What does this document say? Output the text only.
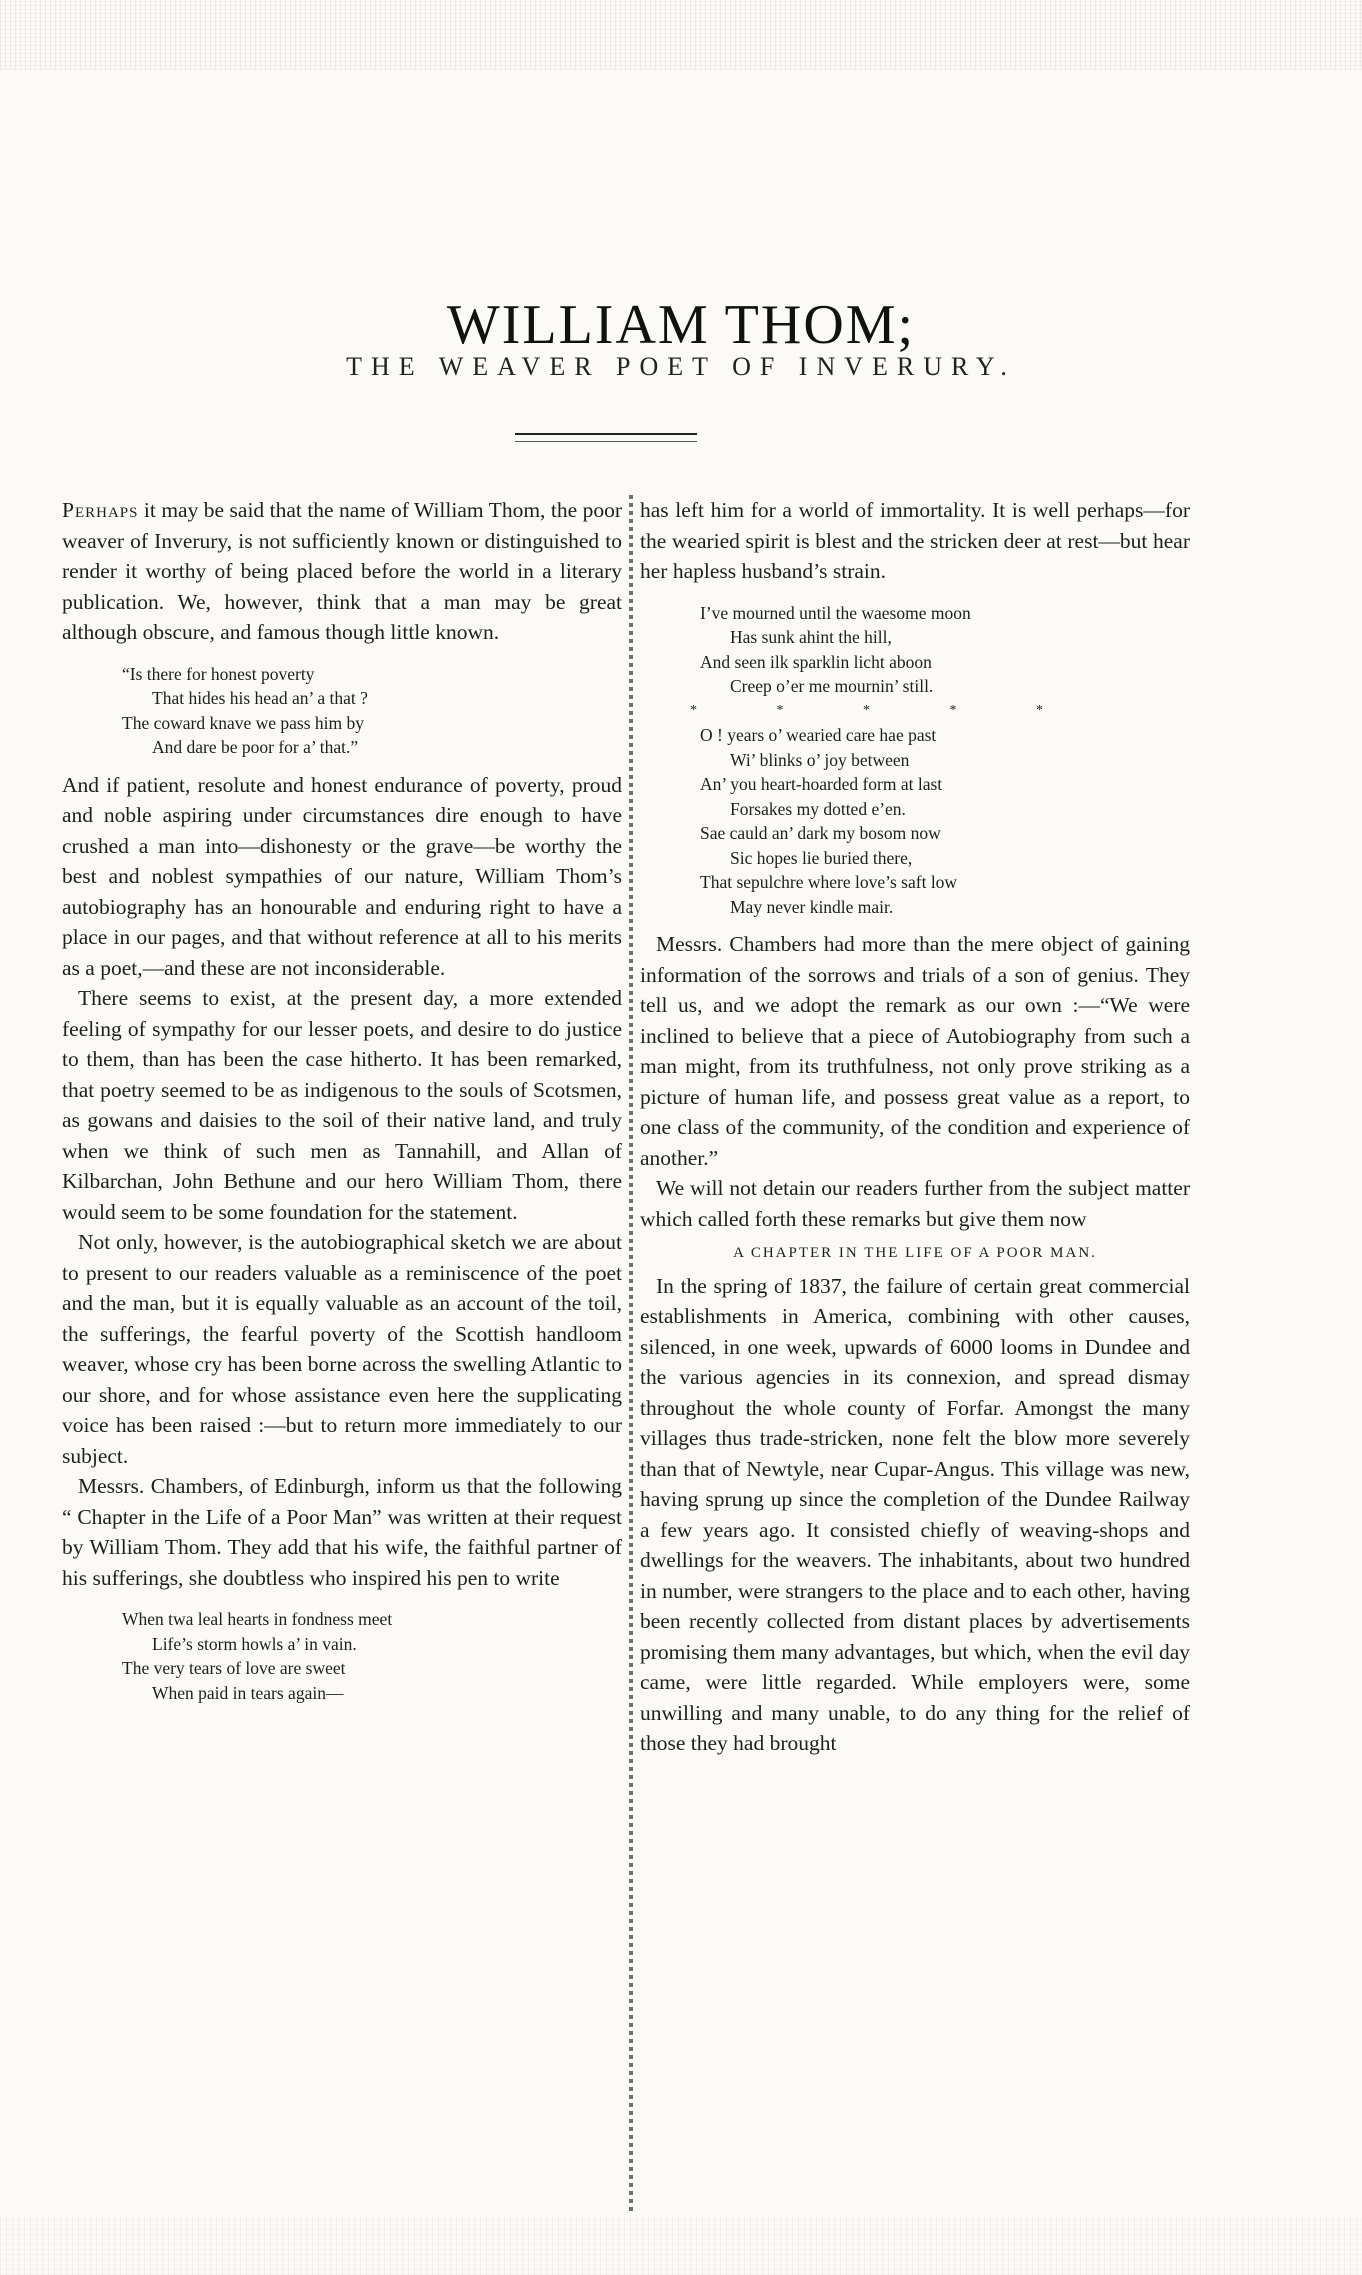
WILLIAM THOM;
THE WEAVER POET OF INVERURY.

Perhaps it may be said that the name of William Thom, the poor weaver of Inverury, is not sufficiently known or distinguished to render it worthy of being placed before the world in a literary publication. We, however, think that a man may be great although obscure, and famous though little known.

“Is there for honest poverty
That hides his head an’ a that ?
The coward knave we pass him by
And dare be poor for a’ that.”

And if patient, resolute and honest endurance of poverty, proud and noble aspiring under circumstances dire enough to have crushed a man into—dishonesty or the grave—be worthy the best and noblest sympathies of our nature, William Thom’s autobiography has an honourable and enduring right to have a place in our pages, and that without reference at all to his merits as a poet,—and these are not inconsiderable.

There seems to exist, at the present day, a more extended feeling of sympathy for our lesser poets, and desire to do justice to them, than has been the case hitherto. It has been remarked, that poetry seemed to be as indigenous to the souls of Scotsmen, as gowans and daisies to the soil of their native land, and truly when we think of such men as Tannahill, and Allan of Kilbarchan, John Bethune and our hero William Thom, there would seem to be some foundation for the statement.

Not only, however, is the autobiographical sketch we are about to present to our readers valuable as a reminiscence of the poet and the man, but it is equally valuable as an account of the toil, the sufferings, the fearful poverty of the Scottish handloom weaver, whose cry has been borne across the swelling Atlantic to our shore, and for whose assistance even here the supplicating voice has been raised :—but to return more immediately to our subject.

Messrs. Chambers, of Edinburgh, inform us that the following “ Chapter in the Life of a Poor Man” was written at their request by William Thom. They add that his wife, the faithful partner of his sufferings, she doubtless who inspired his pen to write

When twa leal hearts in fondness meet
Life’s storm howls a’ in vain.
The very tears of love are sweet
When paid in tears again—

has left him for a world of immortality. It is well perhaps—for the wearied spirit is blest and the stricken deer at rest—but hear her hapless husband’s strain.

I’ve mourned until the waesome moon
Has sunk ahint the hill,
And seen ilk sparklin licht aboon
Creep o’er me mournin’ still.
* * * * *
O ! years o’ wearied care hae past
Wi’ blinks o’ joy between
An’ you heart-hoarded form at last
Forsakes my dotted e’en.
Sae cauld an’ dark my bosom now
Sic hopes lie buried there,
That sepulchre where love’s saft low
May never kindle mair.

Messrs. Chambers had more than the mere object of gaining information of the sorrows and trials of a son of genius. They tell us, and we adopt the remark as our own :—“We were inclined to believe that a piece of Autobiography from such a man might, from its truthfulness, not only prove striking as a picture of human life, and possess great value as a report, to one class of the community, of the condition and experience of another.”

We will not detain our readers further from the subject matter which called forth these remarks but give them now

A CHAPTER IN THE LIFE OF A POOR MAN.

In the spring of 1837, the failure of certain great commercial establishments in America, combining with other causes, silenced, in one week, upwards of 6000 looms in Dundee and the various agencies in its connexion, and spread dismay throughout the whole county of Forfar. Amongst the many villages thus trade-stricken, none felt the blow more severely than that of Newtyle, near Cupar-Angus. This village was new, having sprung up since the completion of the Dundee Railway a few years ago. It consisted chiefly of weaving-shops and dwellings for the weavers. The inhabitants, about two hundred in number, were strangers to the place and to each other, having been recently collected from distant places by advertisements promising them many advantages, but which, when the evil day came, were little regarded. While employers were, some unwilling and many unable, to do any thing for the relief of those they had brought
